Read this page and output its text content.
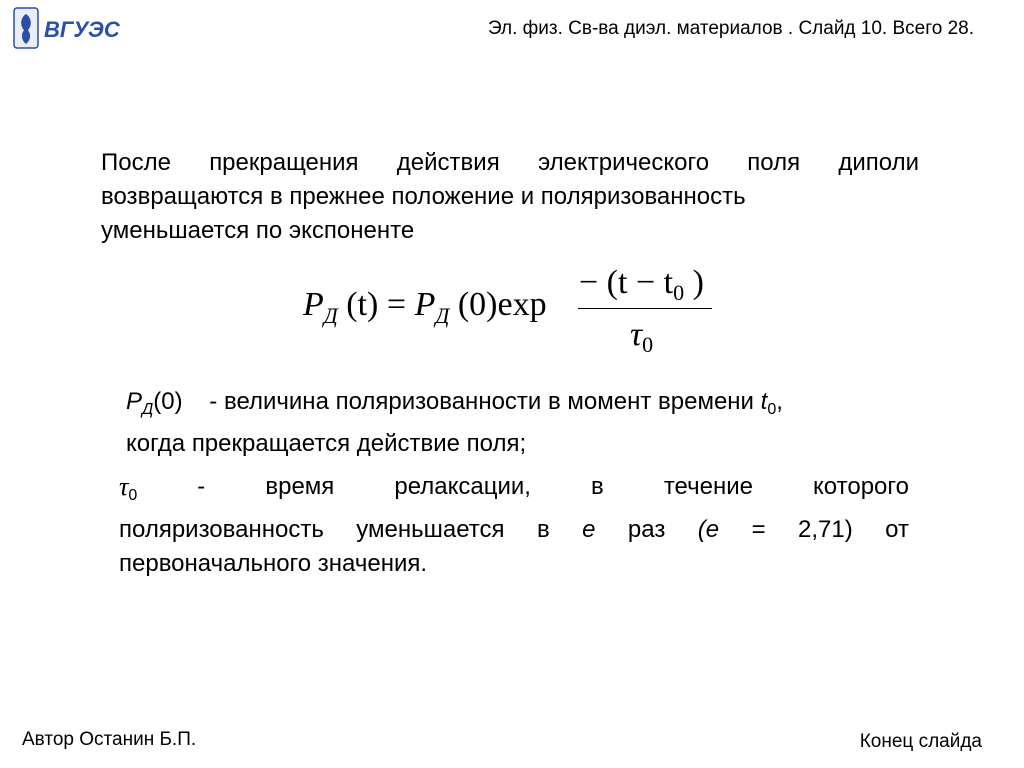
ВГУЭС	Эл. физ. Св-ва диэл. материалов . Слайд 10. Всего 28.
После прекращения действия электрического поля диполи возвращаются в прежнее положение и поляризованность
уменьшается по экспоненте
$P_Д$ $(t) = P_Д$ (0)exp
− ($t - t_0$ )
$\tau_0$
$P_Д(0)$ - величина поляризованности в момент времени $t_0$,
когда прекращается действие поля;
$\tau_0$	-	время	релаксации,	в	течение	которого
поляризованность уменьшается в e раз (e = 2,71) от
первоначального значения.
Автор Останин Б.П.	Конец слайда
